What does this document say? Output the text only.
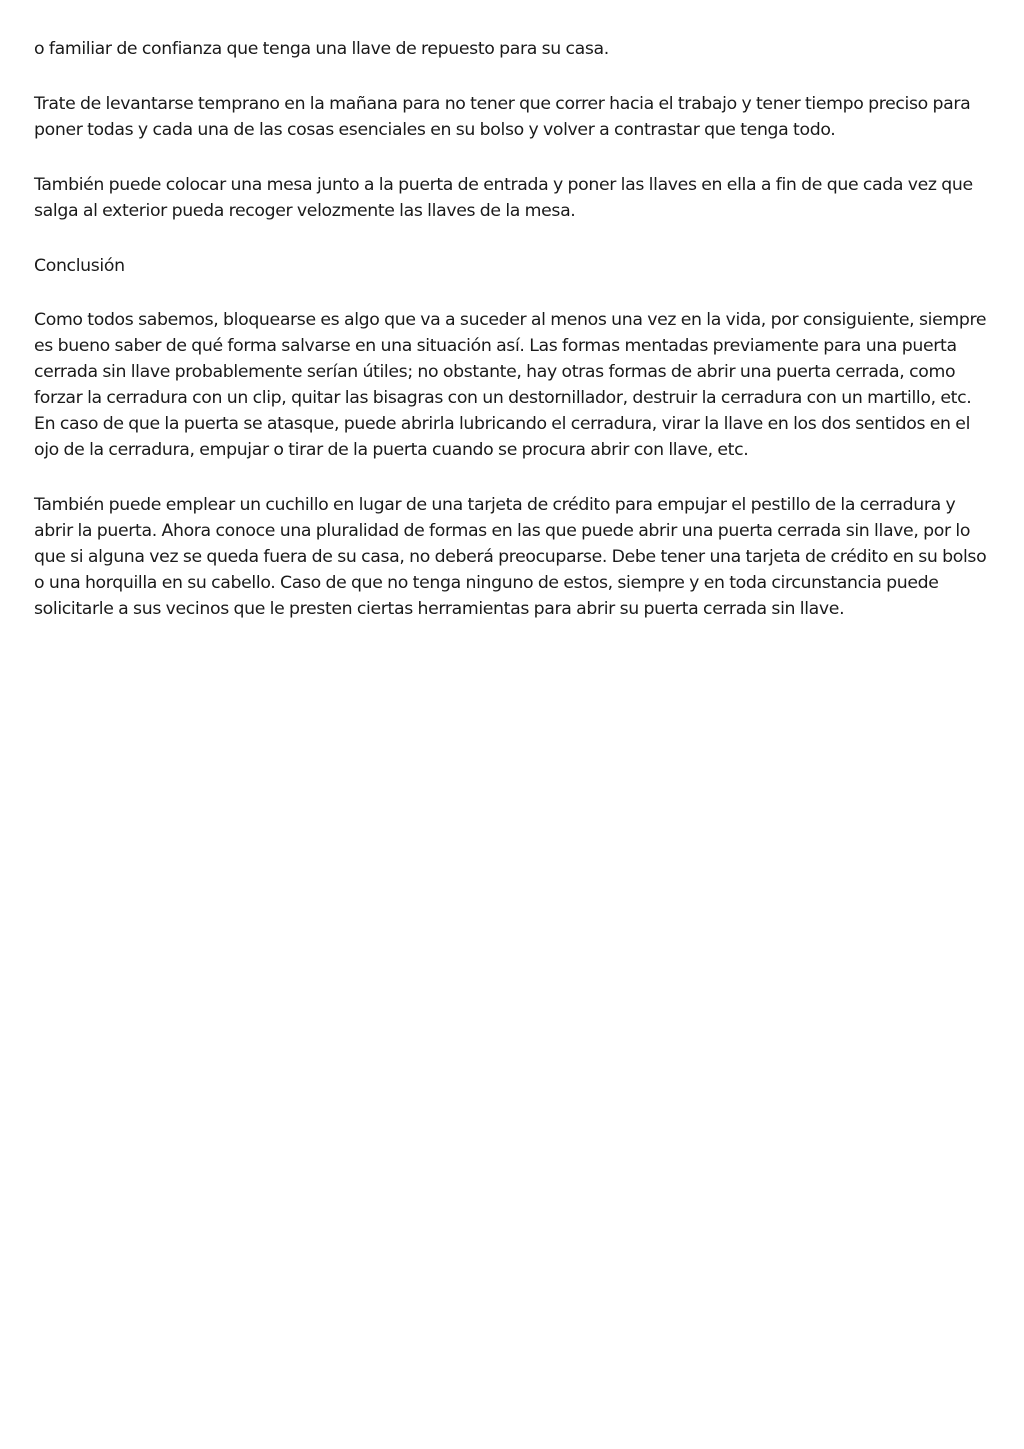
o familiar de confianza que tenga una llave de repuesto para su casa.

Trate de levantarse temprano en la mañana para no tener que correr hacia el trabajo y tener tiempo preciso para poner todas y cada una de las cosas esenciales en su bolso y volver a contrastar que tenga todo.

También puede colocar una mesa junto a la puerta de entrada y poner las llaves en ella a fin de que cada vez que salga al exterior pueda recoger velozmente las llaves de la mesa.

Conclusión

Como todos sabemos, bloquearse es algo que va a suceder al menos una vez en la vida, por consiguiente, siempre es bueno saber de qué forma salvarse en una situación así. Las formas mentadas previamente para una puerta cerrada sin llave probablemente serían útiles; no obstante, hay otras formas de abrir una puerta cerrada, como forzar la cerradura con un clip, quitar las bisagras con un destornillador, destruir la cerradura con un martillo, etc. En caso de que la puerta se atasque, puede abrirla lubricando el cerradura, virar la llave en los dos sentidos en el ojo de la cerradura, empujar o tirar de la puerta cuando se procura abrir con llave, etc.

También puede emplear un cuchillo en lugar de una tarjeta de crédito para empujar el pestillo de la cerradura y abrir la puerta. Ahora conoce una pluralidad de formas en las que puede abrir una puerta cerrada sin llave, por lo que si alguna vez se queda fuera de su casa, no deberá preocuparse. Debe tener una tarjeta de crédito en su bolso o una horquilla en su cabello. Caso de que no tenga ninguno de estos, siempre y en toda circunstancia puede solicitarle a sus vecinos que le presten ciertas herramientas para abrir su puerta cerrada sin llave.
